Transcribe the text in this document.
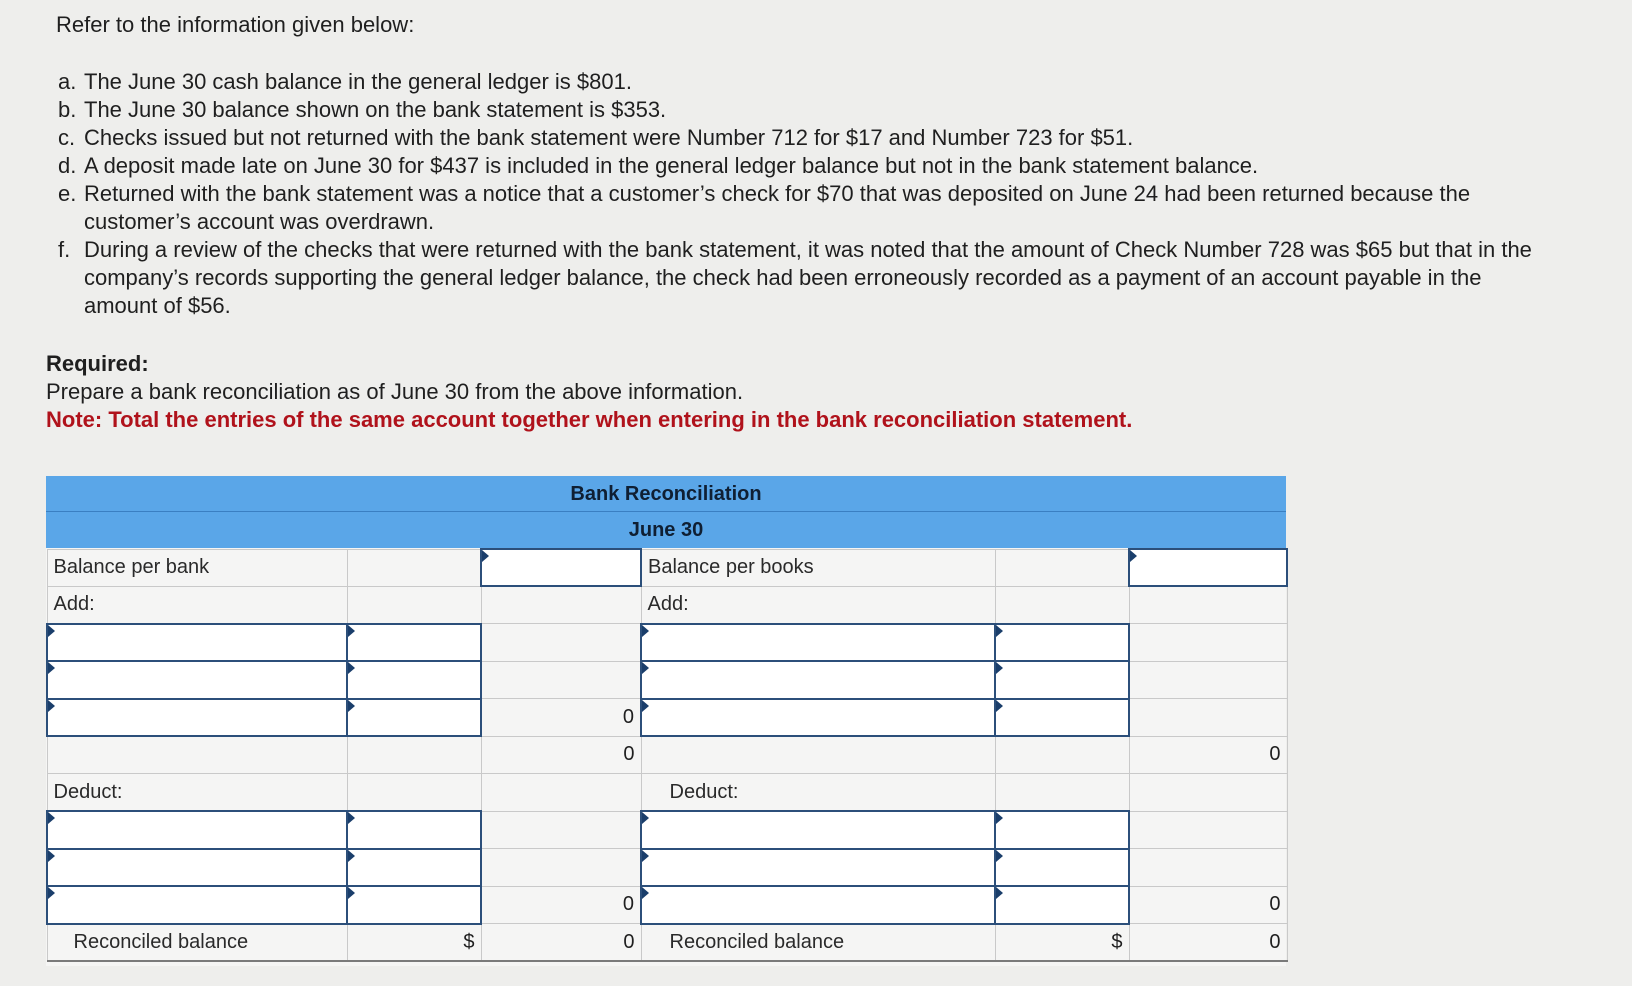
Refer to the information given below:
a. The June 30 cash balance in the general ledger is $801.
b. The June 30 balance shown on the bank statement is $353.
c. Checks issued but not returned with the bank statement were Number 712 for $17 and Number 723 for $51.
d. A deposit made late on June 30 for $437 is included in the general ledger balance but not in the bank statement balance.
e. Returned with the bank statement was a notice that a customer’s check for $70 that was deposited on June 24 had been returned because the customer’s account was overdrawn.
f. During a review of the checks that were returned with the bank statement, it was noted that the amount of Check Number 728 was $65 but that in the company’s records supporting the general ledger balance, the check had been erroneously recorded as a payment of an account payable in the amount of $56.
Required:
Prepare a bank reconciliation as of June 30 from the above information.
Note: Total the entries of the same account together when entering in the bank reconciliation statement.
Bank Reconciliation
June 30
Balance per bank			Balance per books		
Add:			Add:		

		0			
		0			0
Deduct:			Deduct:		

		0			0
Reconciled balance	$	0	Reconciled balance	$	0
